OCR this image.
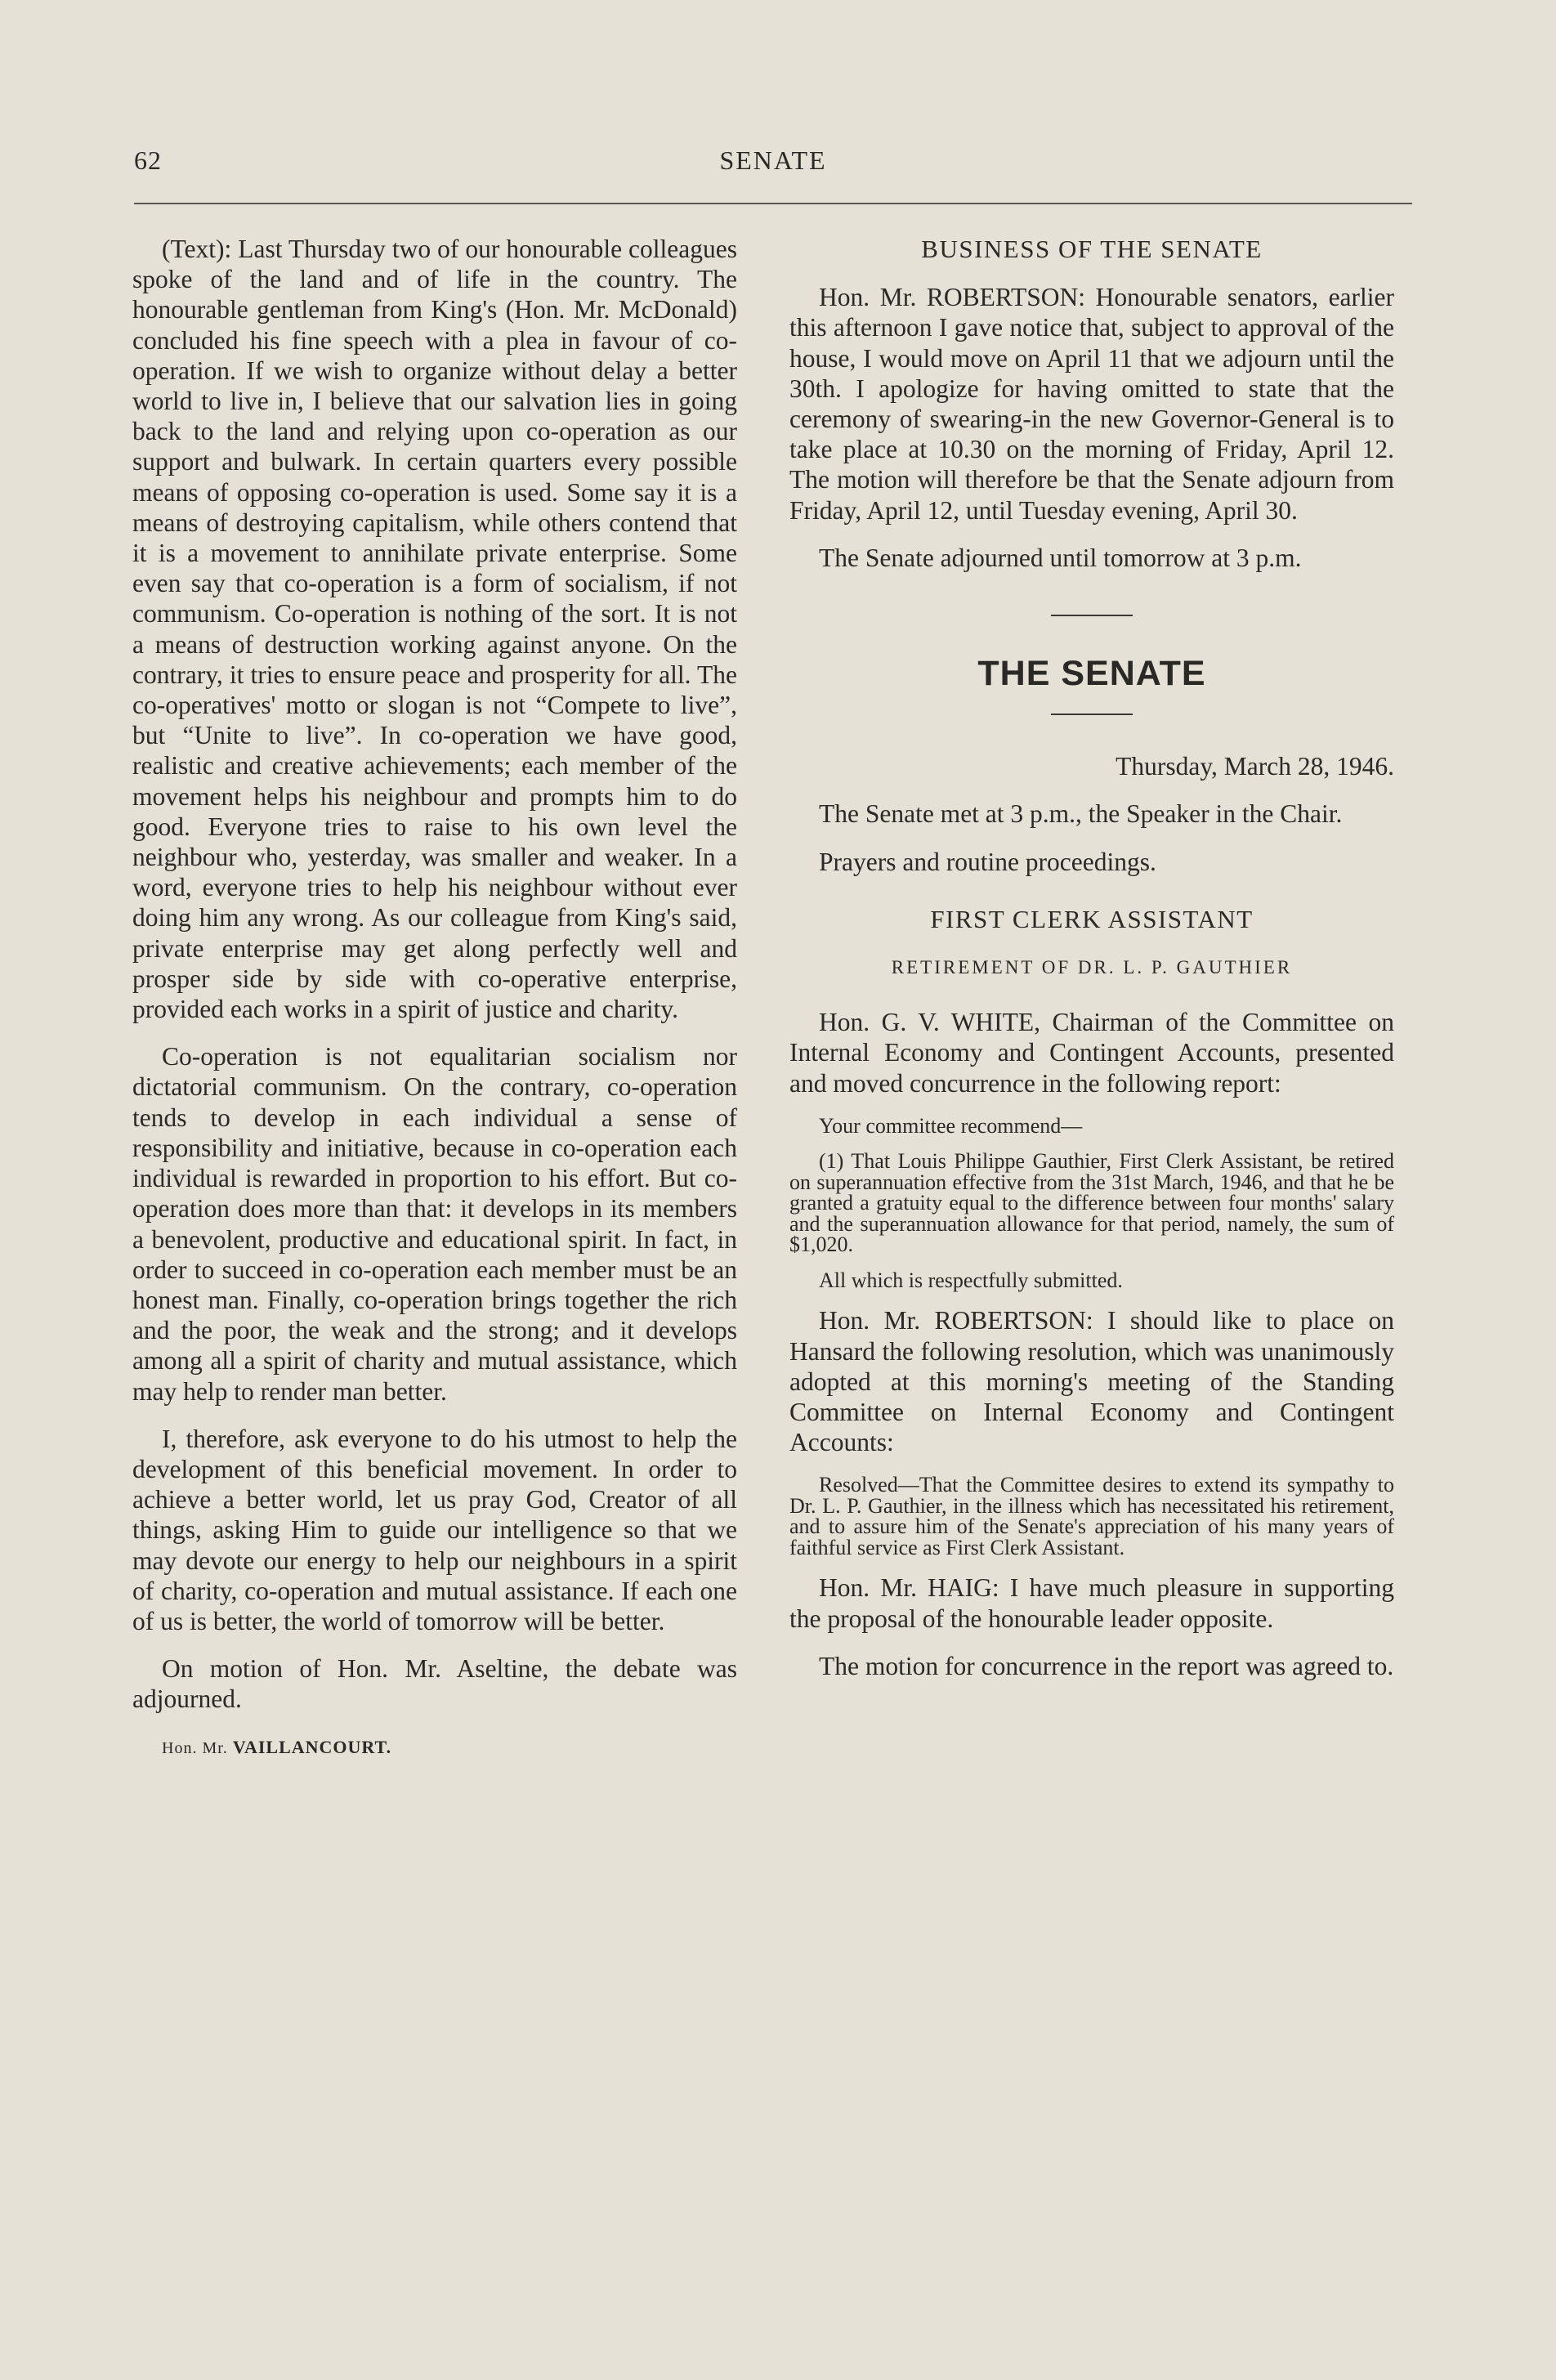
62	SENATE

(Text): Last Thursday two of our honourable colleagues spoke of the land and of life in the country. The honourable gentleman from King's (Hon. Mr. McDonald) concluded his fine speech with a plea in favour of co-operation. If we wish to organize without delay a better world to live in, I believe that our salvation lies in going back to the land and relying upon co-operation as our support and bulwark. In certain quarters every possible means of opposing co-operation is used. Some say it is a means of destroying capitalism, while others contend that it is a movement to annihilate private enterprise. Some even say that co-operation is a form of socialism, if not communism. Co-operation is nothing of the sort. It is not a means of destruction working against anyone. On the contrary, it tries to ensure peace and prosperity for all. The co-operatives' motto or slogan is not “Compete to live”, but “Unite to live”. In co-operation we have good, realistic and creative achievements; each member of the movement helps his neighbour and prompts him to do good. Everyone tries to raise to his own level the neighbour who, yesterday, was smaller and weaker. In a word, everyone tries to help his neighbour without ever doing him any wrong. As our colleague from King's said, private enterprise may get along perfectly well and prosper side by side with co-operative enterprise, provided each works in a spirit of justice and charity.

Co-operation is not equalitarian socialism nor dictatorial communism. On the contrary, co-operation tends to develop in each individual a sense of responsibility and initiative, because in co-operation each individual is rewarded in proportion to his effort. But co-operation does more than that: it develops in its members a benevolent, productive and educational spirit. In fact, in order to succeed in co-operation each member must be an honest man. Finally, co-operation brings together the rich and the poor, the weak and the strong; and it develops among all a spirit of charity and mutual assistance, which may help to render man better.

I, therefore, ask everyone to do his utmost to help the development of this beneficial movement. In order to achieve a better world, let us pray God, Creator of all things, asking Him to guide our intelligence so that we may devote our energy to help our neighbours in a spirit of charity, co-operation and mutual assistance. If each one of us is better, the world of tomorrow will be better.

On motion of Hon. Mr. Aseltine, the debate was adjourned.

Hon. Mr. VAILLANCOURT.
BUSINESS OF THE SENATE

Hon. Mr. ROBERTSON: Honourable senators, earlier this afternoon I gave notice that, subject to approval of the house, I would move on April 11 that we adjourn until the 30th. I apologize for having omitted to state that the ceremony of swearing-in the new Governor-General is to take place at 10.30 on the morning of Friday, April 12. The motion will therefore be that the Senate adjourn from Friday, April 12, until Tuesday evening, April 30.

The Senate adjourned until tomorrow at 3 p.m.

THE SENATE

Thursday, March 28, 1946.

The Senate met at 3 p.m., the Speaker in the Chair.

Prayers and routine proceedings.

FIRST CLERK ASSISTANT
RETIREMENT OF DR. L. P. GAUTHIER

Hon. G. V. WHITE, Chairman of the Committee on Internal Economy and Contingent Accounts, presented and moved concurrence in the following report:

Your committee recommend—

(1) That Louis Philippe Gauthier, First Clerk Assistant, be retired on superannuation effective from the 31st March, 1946, and that he be granted a gratuity equal to the difference between four months' salary and the superannuation allowance for that period, namely, the sum of $1,020.

All which is respectfully submitted.

Hon. Mr. ROBERTSON: I should like to place on Hansard the following resolution, which was unanimously adopted at this morning's meeting of the Standing Committee on Internal Economy and Contingent Accounts:

Resolved—That the Committee desires to extend its sympathy to Dr. L. P. Gauthier, in the illness which has necessitated his retirement, and to assure him of the Senate's appreciation of his many years of faithful service as First Clerk Assistant.

Hon. Mr. HAIG: I have much pleasure in supporting the proposal of the honourable leader opposite.

The motion for concurrence in the report was agreed to.
